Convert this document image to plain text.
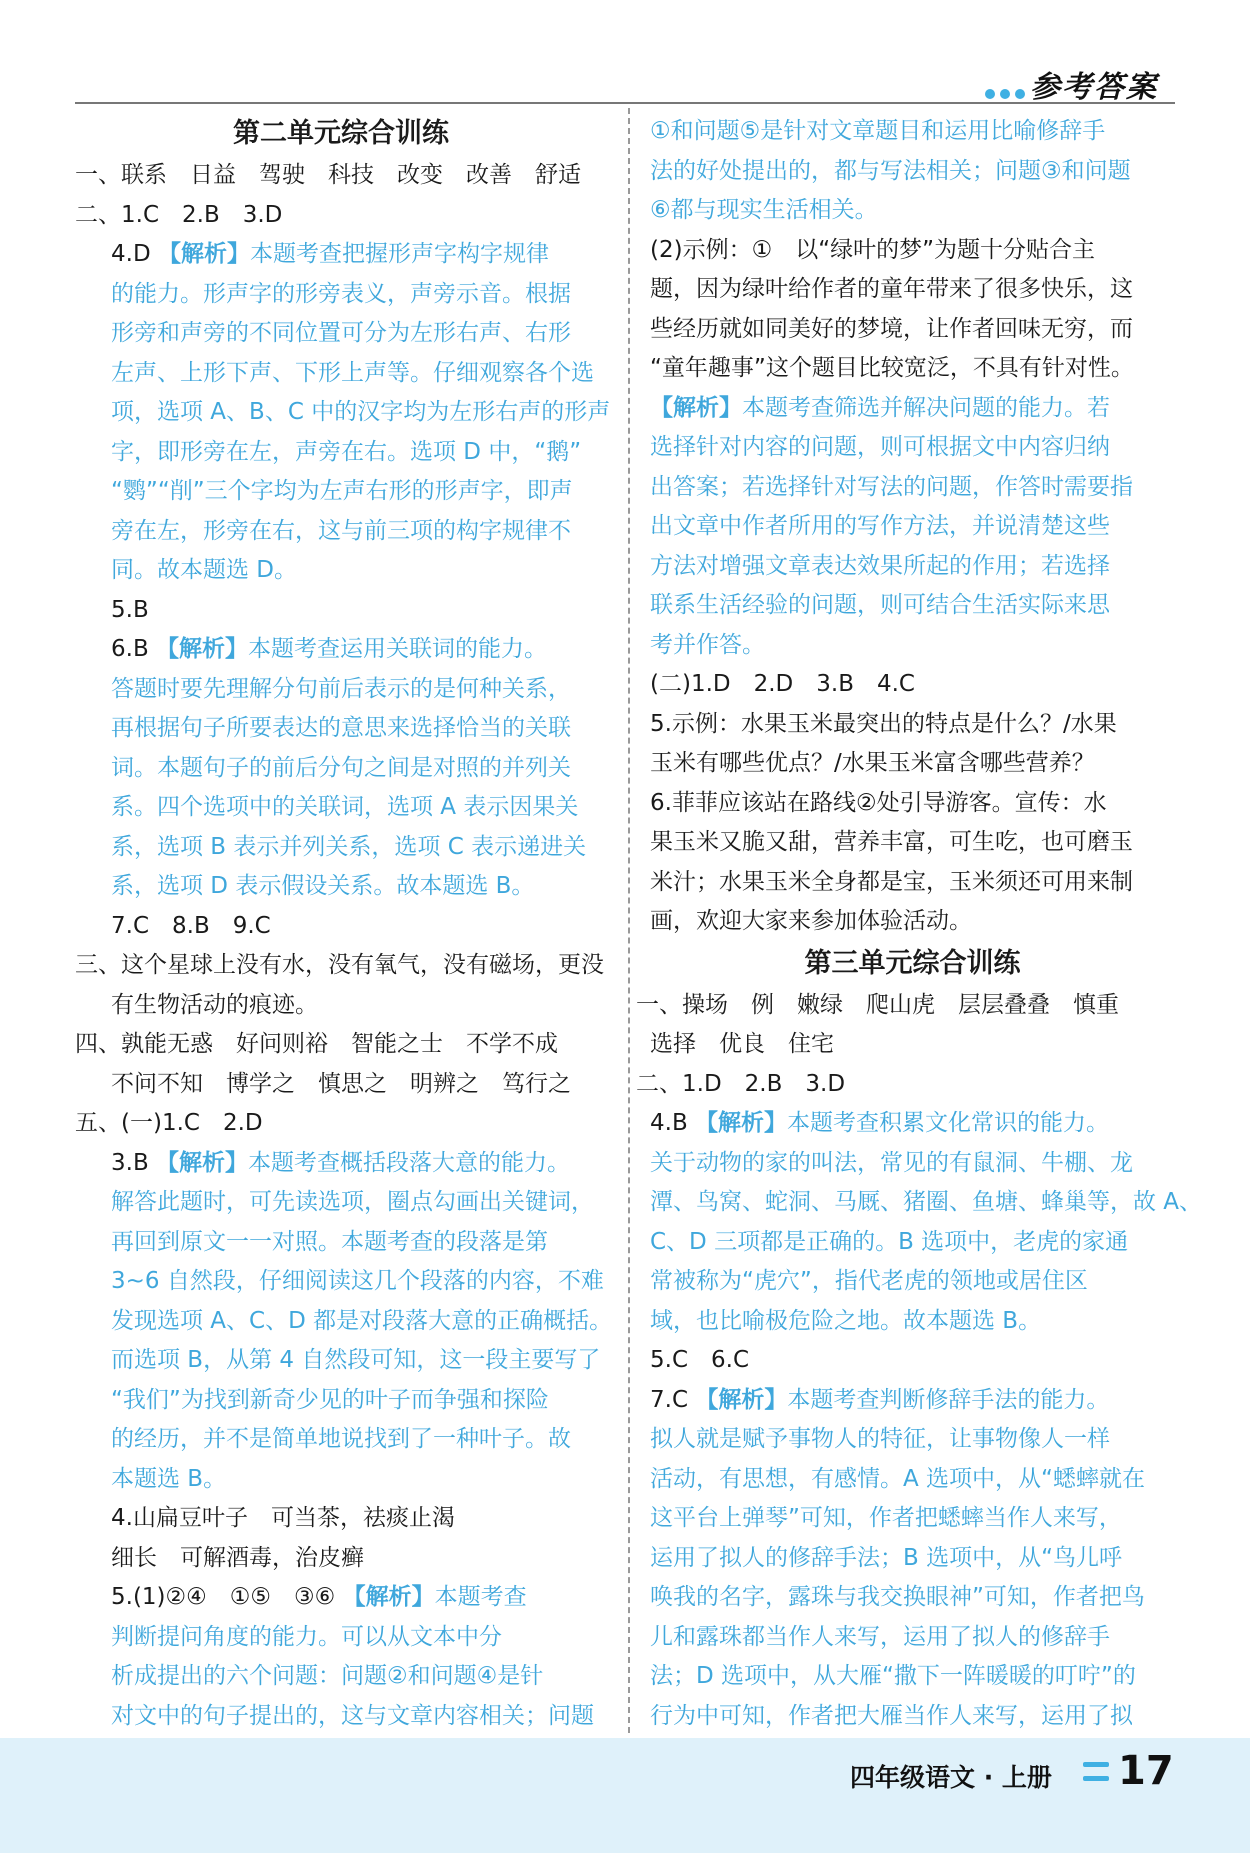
参考答案
第二单元综合训练
一、联系　日益　驾驶　科技　改变　改善　舒适
二、1.C　2.B　3.D
4.D 【解析】本题考查把握形声字构字规律
的能力。形声字的形旁表义，声旁示音。根据
形旁和声旁的不同位置可分为左形右声、右形
左声、上形下声、下形上声等。仔细观察各个选
项，选项 A、B、C 中的汉字均为左形右声的形声
字，即形旁在左，声旁在右。选项 D 中，“鹅”
“鹦”“削”三个字均为左声右形的形声字，即声
旁在左，形旁在右，这与前三项的构字规律不
同。故本题选 D。
5.B
6.B 【解析】本题考查运用关联词的能力。
答题时要先理解分句前后表示的是何种关系，
再根据句子所要表达的意思来选择恰当的关联
词。本题句子的前后分句之间是对照的并列关
系。四个选项中的关联词，选项 A 表示因果关
系，选项 B 表示并列关系，选项 C 表示递进关
系，选项 D 表示假设关系。故本题选 B。
7.C　8.B　9.C
三、这个星球上没有水，没有氧气，没有磁场，更没
有生物活动的痕迹。
四、孰能无惑　好问则裕　智能之士　不学不成
不问不知　博学之　慎思之　明辨之　笃行之
五、(一)1.C　2.D
3.B 【解析】本题考查概括段落大意的能力。
解答此题时，可先读选项，圈点勾画出关键词，
再回到原文一一对照。本题考查的段落是第
3~6 自然段，仔细阅读这几个段落的内容，不难
发现选项 A、C、D 都是对段落大意的正确概括。
而选项 B，从第 4 自然段可知，这一段主要写了
“我们”为找到新奇少见的叶子而争强和探险
的经历，并不是简单地说找到了一种叶子。故
本题选 B。
4.山扁豆叶子　可当茶，祛痰止渴
细长　可解酒毒，治皮癣
5.(1)②④　①⑤　③⑥ 【解析】本题考查
判断提问角度的能力。可以从文本中分
析成提出的六个问题：问题②和问题④是针
对文中的句子提出的，这与文章内容相关；问题
①和问题⑤是针对文章题目和运用比喻修辞手
法的好处提出的，都与写法相关；问题③和问题
⑥都与现实生活相关。
(2)示例：①　以“绿叶的梦”为题十分贴合主
题，因为绿叶给作者的童年带来了很多快乐，这
些经历就如同美好的梦境，让作者回味无穷，而
“童年趣事”这个题目比较宽泛，不具有针对性。
【解析】本题考查筛选并解决问题的能力。若
选择针对内容的问题，则可根据文中内容归纳
出答案；若选择针对写法的问题，作答时需要指
出文章中作者所用的写作方法，并说清楚这些
方法对增强文章表达效果所起的作用；若选择
联系生活经验的问题，则可结合生活实际来思
考并作答。
(二)1.D　2.D　3.B　4.C
5.示例：水果玉米最突出的特点是什么？/水果
玉米有哪些优点？/水果玉米富含哪些营养？
6.菲菲应该站在路线②处引导游客。宣传：水
果玉米又脆又甜，营养丰富，可生吃，也可磨玉
米汁；水果玉米全身都是宝，玉米须还可用来制
画，欢迎大家来参加体验活动。
第三单元综合训练
一、操场　例　嫩绿　爬山虎　层层叠叠　慎重
选择　优良　住宅
二、1.D　2.B　3.D
4.B 【解析】本题考查积累文化常识的能力。
关于动物的家的叫法，常见的有鼠洞、牛棚、龙
潭、鸟窝、蛇洞、马厩、猪圈、鱼塘、蜂巢等，故 A、
C、D 三项都是正确的。B 选项中，老虎的家通
常被称为“虎穴”，指代老虎的领地或居住区
域，也比喻极危险之地。故本题选 B。
5.C　6.C
7.C 【解析】本题考查判断修辞手法的能力。
拟人就是赋予事物人的特征，让事物像人一样
活动，有思想，有感情。A 选项中，从“蟋蟀就在
这平台上弹琴”可知，作者把蟋蟀当作人来写，
运用了拟人的修辞手法；B 选项中，从“鸟儿呼
唤我的名字，露珠与我交换眼神”可知，作者把鸟
儿和露珠都当作人来写，运用了拟人的修辞手
法；D 选项中，从大雁“撒下一阵暖暖的叮咛”的
行为中可知，作者把大雁当作人来写，运用了拟
四年级语文 · 上册 17
